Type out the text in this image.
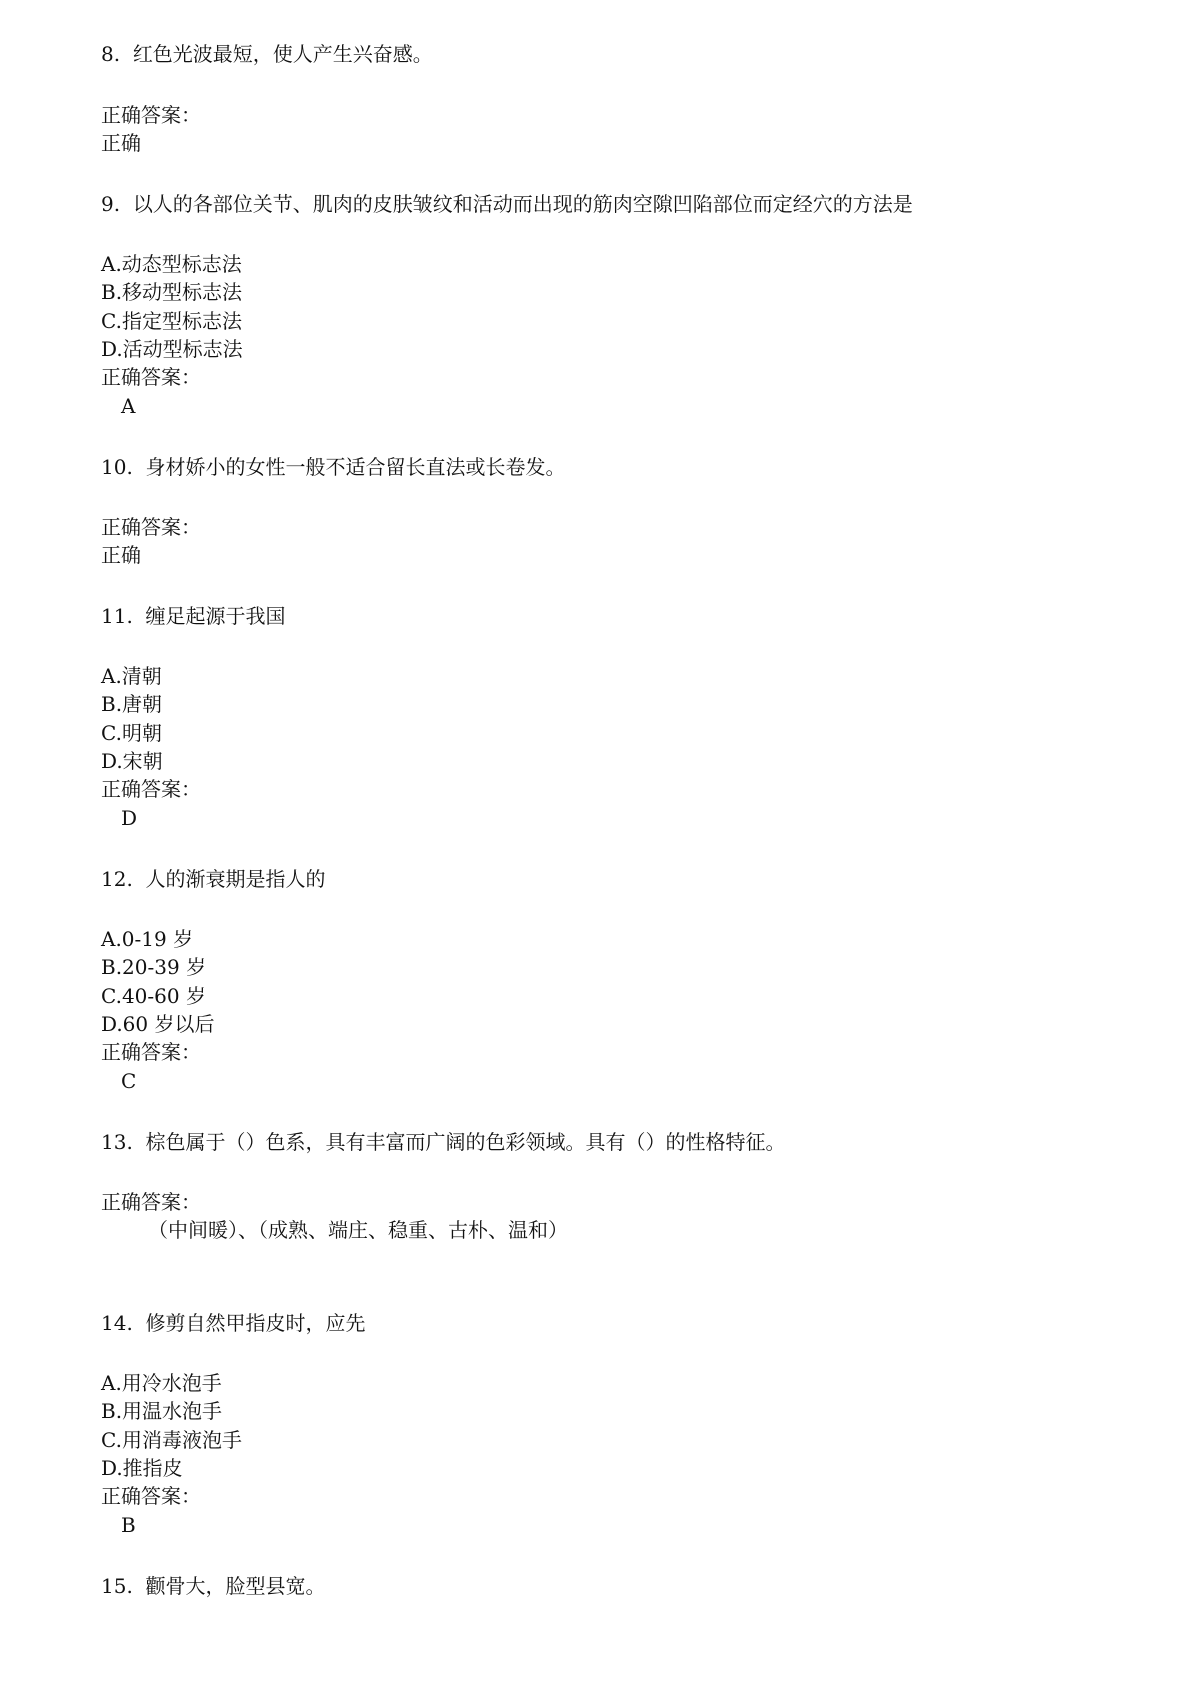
8. 红色光波最短，使人产生兴奋感。
正确答案：
正确
9. 以人的各部位关节、肌肉的皮肤皱纹和活动而出现的筋肉空隙凹陷部位而定经穴的方法是
A.动态型标志法
B.移动型标志法
C.指定型标志法
D.活动型标志法
正确答案：
A
10. 身材娇小的女性一般不适合留长直法或长卷发。
正确答案：
正确
11. 缠足起源于我国
A.清朝
B.唐朝
C.明朝
D.宋朝
正确答案：
D
12. 人的渐衰期是指人的
A.0-19 岁
B.20-39 岁
C.40-60 岁
D.60 岁以后
正确答案：
C
13. 棕色属于（）色系，具有丰富而广阔的色彩领域。具有（）的性格特征。
正确答案：
（中间暖）、（成熟、端庄、稳重、古朴、温和）
14. 修剪自然甲指皮时，应先
A.用冷水泡手
B.用温水泡手
C.用消毒液泡手
D.推指皮
正确答案：
B
15. 颧骨大，脸型县宽。
